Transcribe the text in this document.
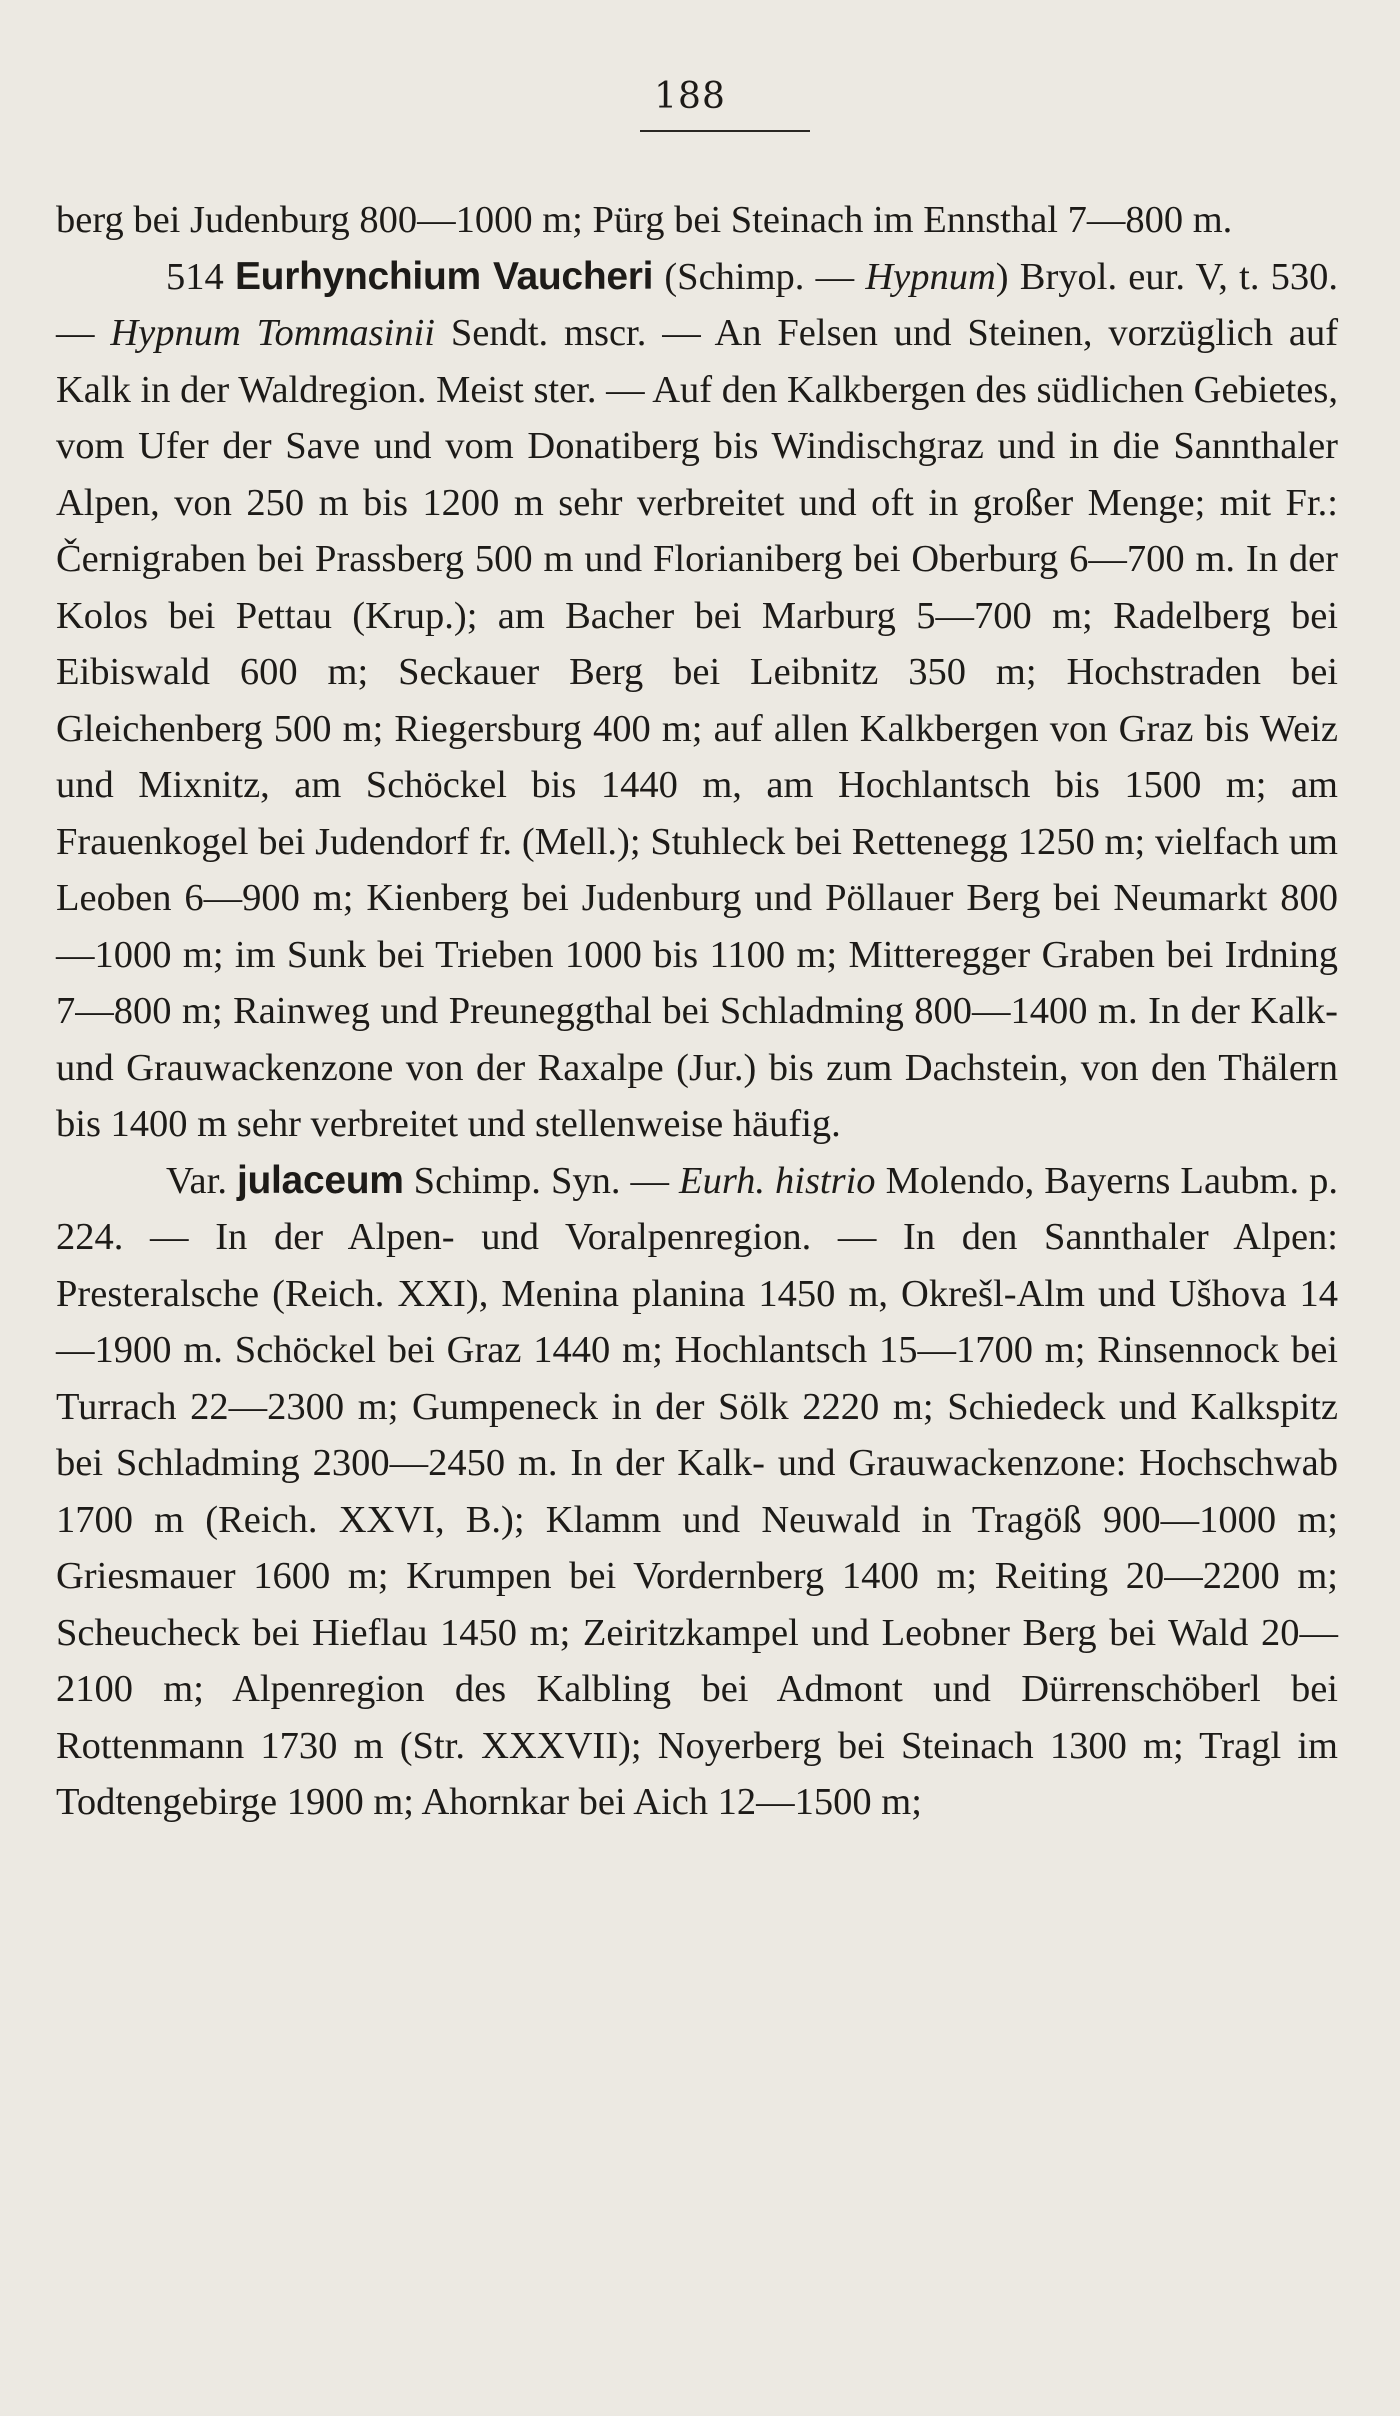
188

berg bei Judenburg 800—1000 m; Pürg bei Steinach im Ennsthal 7—800 m.

514 Eurhynchium Vaucheri (Schimp. — Hypnum) Bryol. eur. V, t. 530. — Hypnum Tommasinii Sendt. mscr. — An Felsen und Steinen, vorzüglich auf Kalk in der Waldregion. Meist ster. — Auf den Kalkbergen des südlichen Gebietes, vom Ufer der Save und vom Donatiberg bis Windischgraz und in die Sannthaler Alpen, von 250 m bis 1200 m sehr verbreitet und oft in großer Menge; mit Fr.: Černigraben bei Prassberg 500 m und Florianiberg bei Oberburg 6—700 m. In der Kolos bei Pettau (Krup.); am Bacher bei Marburg 5—700 m; Radelberg bei Eibiswald 600 m; Seckauer Berg bei Leibnitz 350 m; Hochstraden bei Gleichenberg 500 m; Riegersburg 400 m; auf allen Kalkbergen von Graz bis Weiz und Mixnitz, am Schöckel bis 1440 m, am Hochlantsch bis 1500 m; am Frauenkogel bei Judendorf fr. (Mell.); Stuhleck bei Rettenegg 1250 m; vielfach um Leoben 6—900 m; Kienberg bei Judenburg und Pöllauer Berg bei Neumarkt 800—1000 m; im Sunk bei Trieben 1000 bis 1100 m; Mitteregger Graben bei Irdning 7—800 m; Rainweg und Preuneggthal bei Schladming 800—1400 m. In der Kalk- und Grauwackenzone von der Raxalpe (Jur.) bis zum Dachstein, von den Thälern bis 1400 m sehr verbreitet und stellenweise häufig.

Var. julaceum Schimp. Syn. — Eurh. histrio Molendo, Bayerns Laubm. p. 224. — In der Alpen- und Voralpenregion. — In den Sannthaler Alpen: Presteralsche (Reich. XXI), Menina planina 1450 m, Okrešl-Alm und Ušhova 14—1900 m. Schöckel bei Graz 1440 m; Hochlantsch 15—1700 m; Rinsennock bei Turrach 22—2300 m; Gumpeneck in der Sölk 2220 m; Schiedeck und Kalkspitz bei Schladming 2300—2450 m. In der Kalk- und Grauwackenzone: Hochschwab 1700 m (Reich. XXVI, B.); Klamm und Neuwald in Tragöß 900—1000 m; Griesmauer 1600 m; Krumpen bei Vordernberg 1400 m; Reiting 20—2200 m; Scheucheck bei Hieflau 1450 m; Zeiritzkampel und Leobner Berg bei Wald 20—2100 m; Alpenregion des Kalbling bei Admont und Dürrenschöberl bei Rottenmann 1730 m (Str. XXXVII); Noyerberg bei Steinach 1300 m; Tragl im Todtengebirge 1900 m; Ahornkar bei Aich 12—1500 m;
